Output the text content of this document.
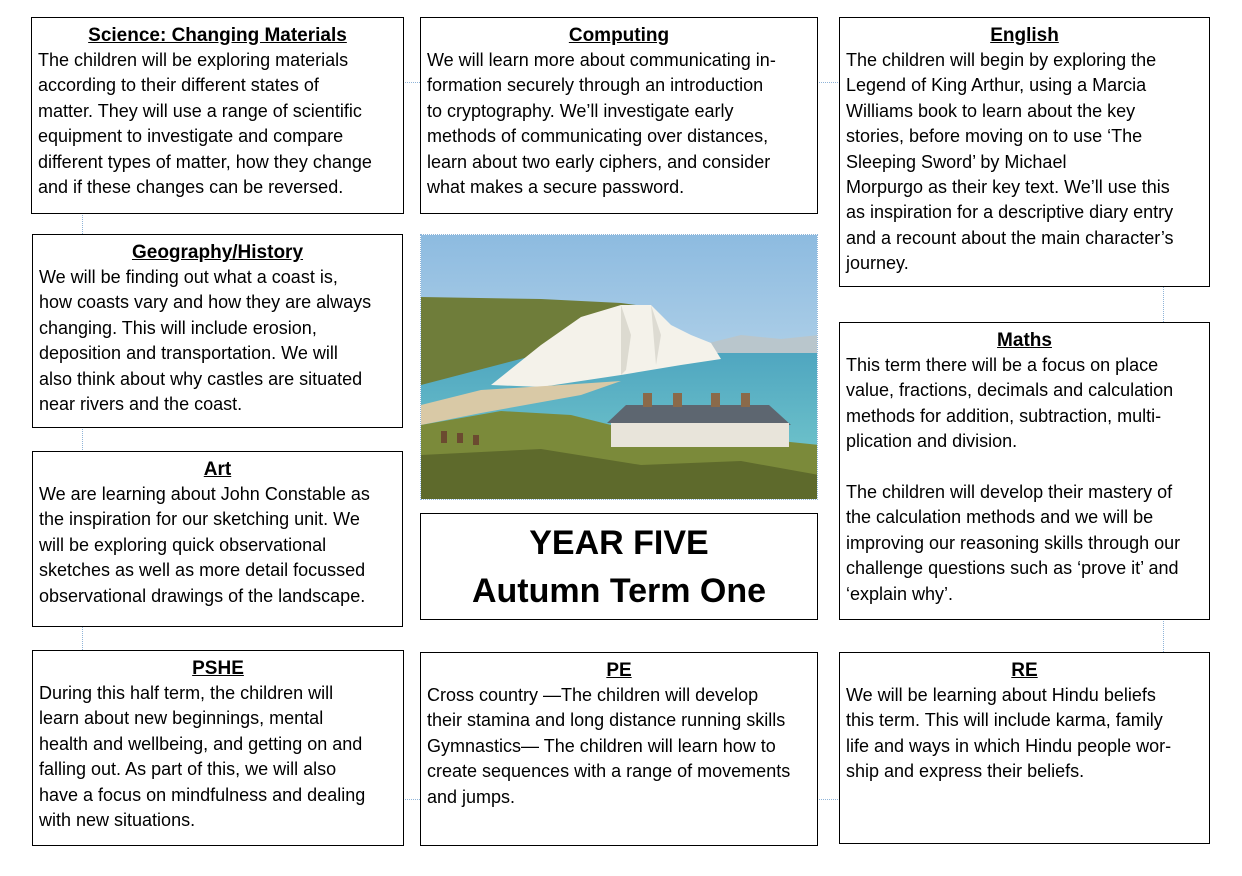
Science: Changing Materials

The children will be exploring materials
according to their different states of
matter. They will use a range of scientific
equipment to investigate and compare
different types of matter, how they change
and if these changes can be reversed.

Computing

We will learn more about communicating in-
formation securely through an introduction
to cryptography. We’ll investigate early
methods of communicating over distances,
learn about two early ciphers, and consider
what makes a secure password.

English

The children will begin by exploring the
Legend of King Arthur, using a Marcia
Williams book to learn about the key
stories, before moving on to use ‘The
Sleeping Sword’ by Michael
Morpurgo as their key text. We’ll use this
as inspiration for a descriptive diary entry
and a recount about the main character’s
journey.

Geography/History

We will be finding out what a coast is,
how coasts vary and how they are always
changing. This will include erosion,
deposition and transportation. We will
also think about why castles are situated
near rivers and the coast.

Maths

This term there will be a focus on place
value, fractions, decimals and calculation
methods for addition, subtraction, multi-
plication and division.

The children will develop their mastery of
the calculation methods and we will be
improving our reasoning skills through our
challenge questions such as ‘prove it’ and
‘explain why’.

Art

We are learning about John Constable as
the inspiration for our sketching unit. We
will be exploring quick observational
sketches as well as more detail focussed
observational drawings of the landscape.

YEAR FIVE
Autumn Term One
PSHE

During this half term, the children will
learn about new beginnings, mental
health and wellbeing, and getting on and
falling out. As part of this, we will also
have a focus on mindfulness and dealing
with new situations.

PE

Cross country —The children will develop
their stamina and long distance running skills
Gymnastics— The children will learn how to
create sequences with a range of movements
and jumps.

RE

We will be learning about Hindu beliefs
this term. This will include karma, family
life and ways in which Hindu people wor-
ship and express their beliefs.
